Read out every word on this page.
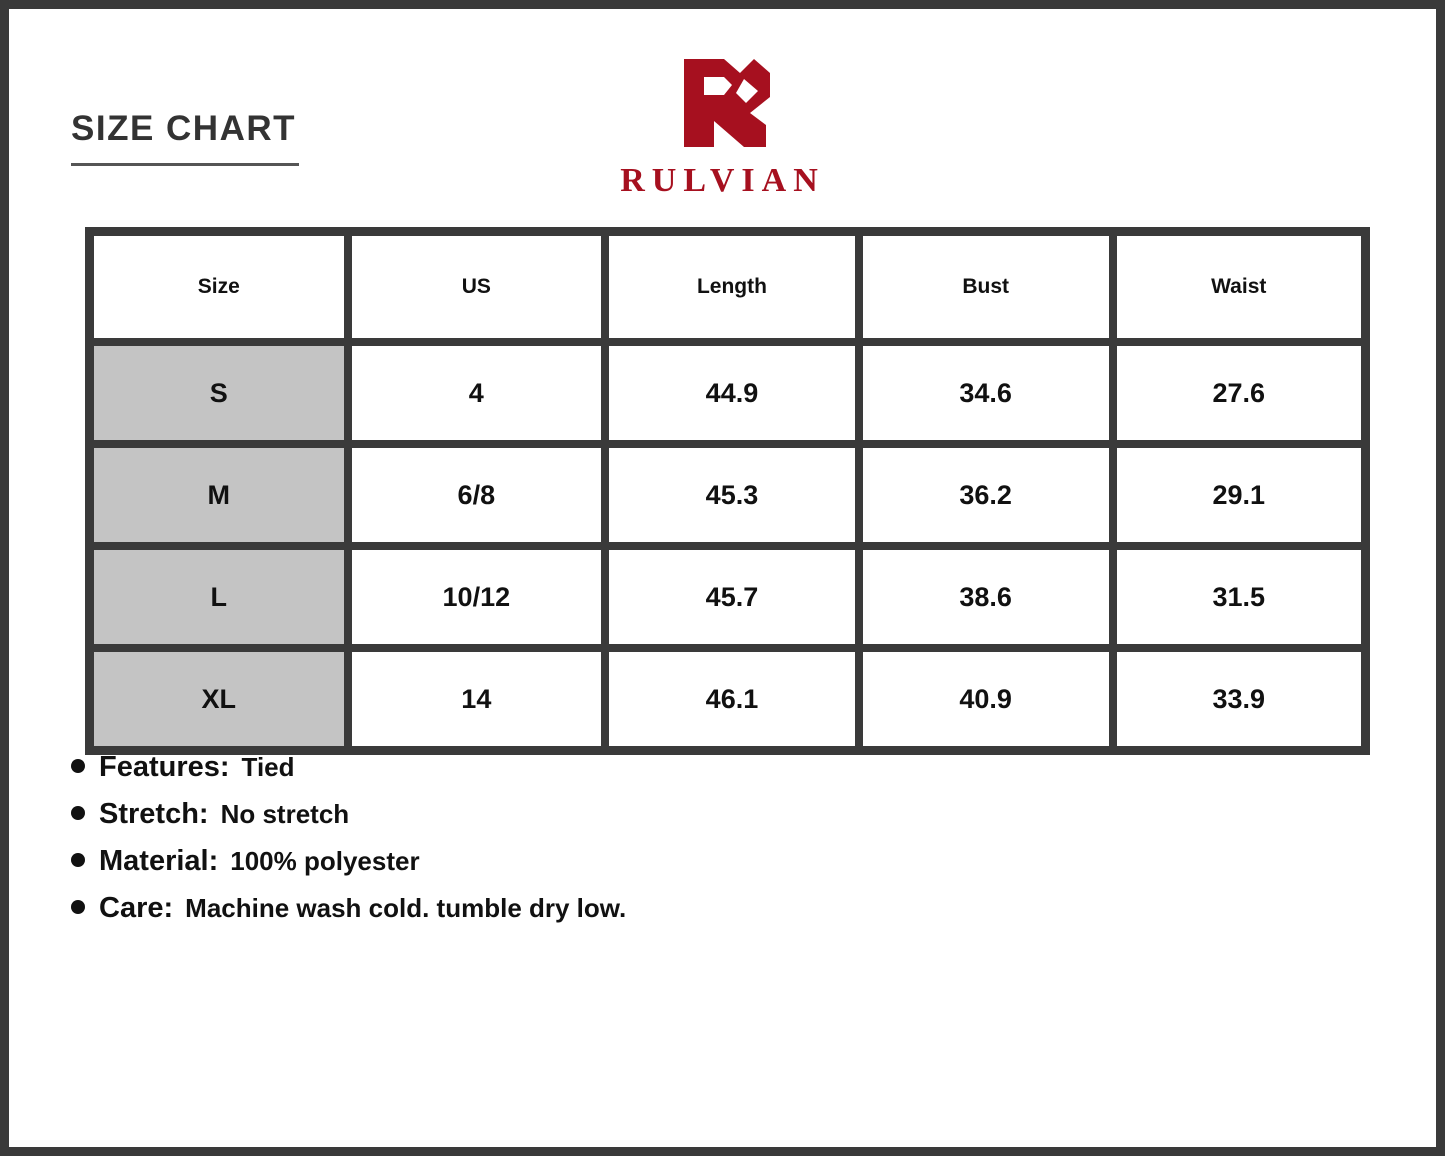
SIZE CHART
RULVIAN
Size	US	Length	Bust	Waist
S	4	44.9	34.6	27.6
M	6/8	45.3	36.2	29.1
L	10/12	45.7	38.6	31.5
XL	14	46.1	40.9	33.9
Features: Tied
Stretch: No stretch
Material: 100% polyester
Care: Machine wash cold. tumble dry low.
